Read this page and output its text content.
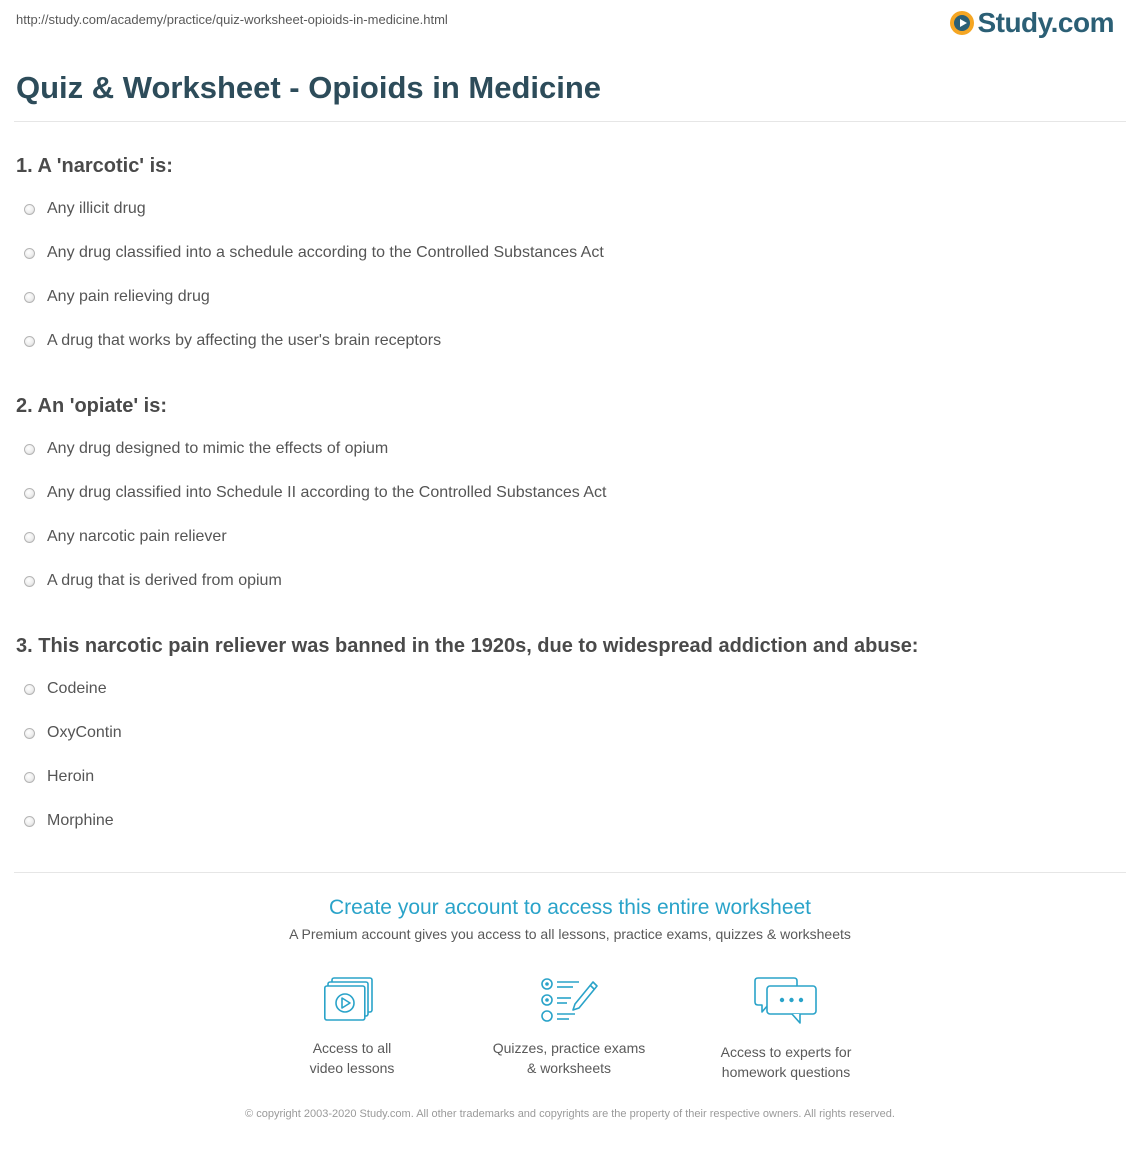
http://study.com/academy/practice/quiz-worksheet-opioids-in-medicine.html	Study.com
Quiz & Worksheet - Opioids in Medicine
1. A 'narcotic' is:
Any illicit drug
Any drug classified into a schedule according to the Controlled Substances Act
Any pain relieving drug
A drug that works by affecting the user's brain receptors
2. An 'opiate' is:
Any drug designed to mimic the effects of opium
Any drug classified into Schedule II according to the Controlled Substances Act
Any narcotic pain reliever
A drug that is derived from opium
3. This narcotic pain reliever was banned in the 1920s, due to widespread addiction and abuse:
Codeine
OxyContin
Heroin
Morphine
Create your account to access this entire worksheet
A Premium account gives you access to all lessons, practice exams, quizzes & worksheets
Access to all
video lessons
Quizzes, practice exams
& worksheets
Access to experts for
homework questions
© copyright 2003-2020 Study.com. All other trademarks and copyrights are the property of their respective owners. All rights reserved.
